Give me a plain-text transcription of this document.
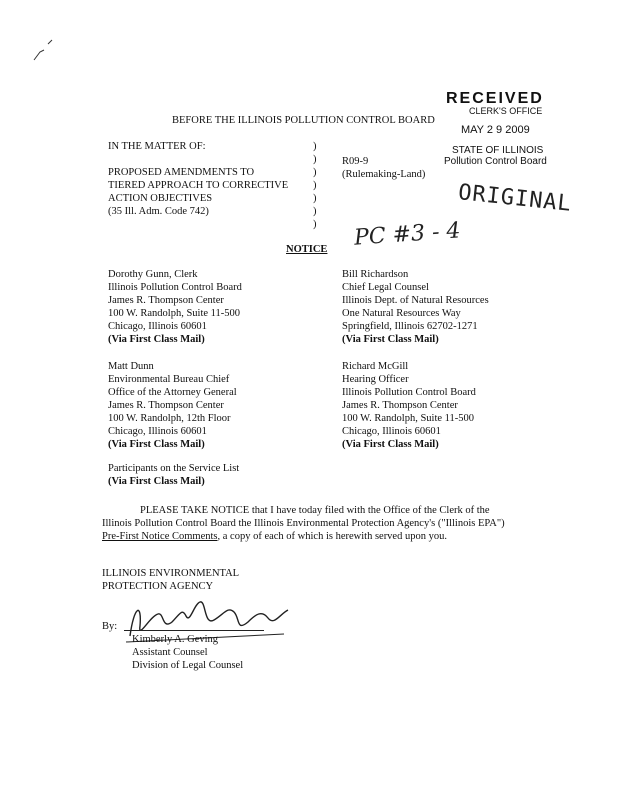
RECEIVED
CLERK'S OFFICE
MAY 2 9 2009
STATE OF ILLINOIS
Pollution Control Board
BEFORE THE ILLINOIS POLLUTION CONTROL BOARD
IN THE MATTER OF:
PROPOSED AMENDMENTS TO
TIERED APPROACH TO CORRECTIVE
ACTION OBJECTIVES
(35 Ill. Adm. Code 742)
)
)
)
)
)
)
)
R09-9
(Rulemaking-Land)
ORIGINAL
PC #3 - 4
NOTICE
Dorothy Gunn, Clerk
Illinois Pollution Control Board
James R. Thompson Center
100 W. Randolph, Suite 11-500
Chicago, Illinois 60601
(Via First Class Mail)
Matt Dunn
Environmental Bureau Chief
Office of the Attorney General
James R. Thompson Center
100 W. Randolph, 12th Floor
Chicago, Illinois 60601
(Via First Class Mail)
Participants on the Service List
(Via First Class Mail)
Bill Richardson
Chief Legal Counsel
Illinois Dept. of Natural Resources
One Natural Resources Way
Springfield, Illinois 62702-1271
(Via First Class Mail)
Richard McGill
Hearing Officer
Illinois Pollution Control Board
James R. Thompson Center
100 W. Randolph, Suite 11-500
Chicago, Illinois 60601
(Via First Class Mail)
PLEASE TAKE NOTICE that I have today filed with the Office of the Clerk of the
Illinois Pollution Control Board the Illinois Environmental Protection Agency's ("Illinois EPA")
Pre-First Notice Comments, a copy of each of which is herewith served upon you.
ILLINOIS ENVIRONMENTAL
PROTECTION AGENCY
By:
Kimberly A. Geving
Assistant Counsel
Division of Legal Counsel
